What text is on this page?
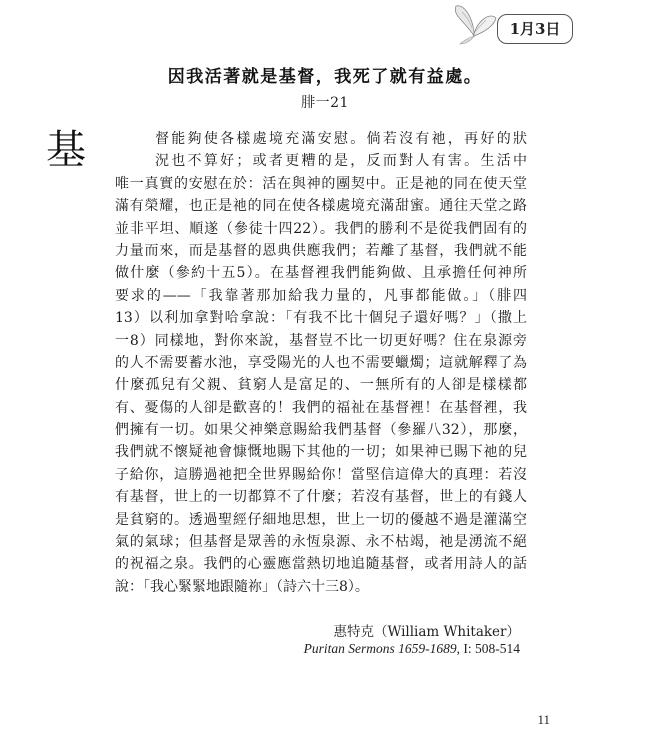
1月3日
因我活著就是基督，我死了就有益處。
腓一21
基	督能夠使各樣處境充滿安慰。倘若沒有祂，再好的狀
況也不算好；或者更糟的是，反而對人有害。生活中
唯一真實的安慰在於：活在與神的團契中。正是祂的同在使天堂
滿有榮耀，也正是祂的同在使各樣處境充滿甜蜜。通往天堂之路
並非平坦、順遂（參徒十四22）。我們的勝利不是從我們固有的
力量而來，而是基督的恩典供應我們；若離了基督，我們就不能
做什麼（參約十五5）。在基督裡我們能夠做、且承擔任何神所
要求的——「我靠著那加給我力量的，凡事都能做。」（腓四
13）以利加拿對哈拿說：「有我不比十個兒子還好嗎？」（撒上
一8）同樣地，對你來說，基督豈不比一切更好嗎？住在泉源旁
的人不需要蓄水池，享受陽光的人也不需要蠟燭；這就解釋了為
什麼孤兒有父親、貧窮人是富足的、一無所有的人卻是樣樣都
有、憂傷的人卻是歡喜的！我們的福祉在基督裡！在基督裡，我
們擁有一切。如果父神樂意賜給我們基督（參羅八32），那麼，
我們就不懷疑祂會慷慨地賜下其他的一切；如果神已賜下祂的兒
子給你，這勝過祂把全世界賜給你！當堅信這偉大的真理：若沒
有基督，世上的一切都算不了什麼；若沒有基督，世上的有錢人
是貧窮的。透過聖經仔細地思想，世上一切的優越不過是灌滿空
氣的氣球；但基督是眾善的永恆泉源、永不枯竭，祂是湧流不絕
的祝福之泉。我們的心靈應當熱切地追隨基督，或者用詩人的話
說：「我心緊緊地跟隨祢」（詩六十三8）。
惠特克（William Whitaker）
Puritan Sermons 1659-1689, I: 508-514
11
